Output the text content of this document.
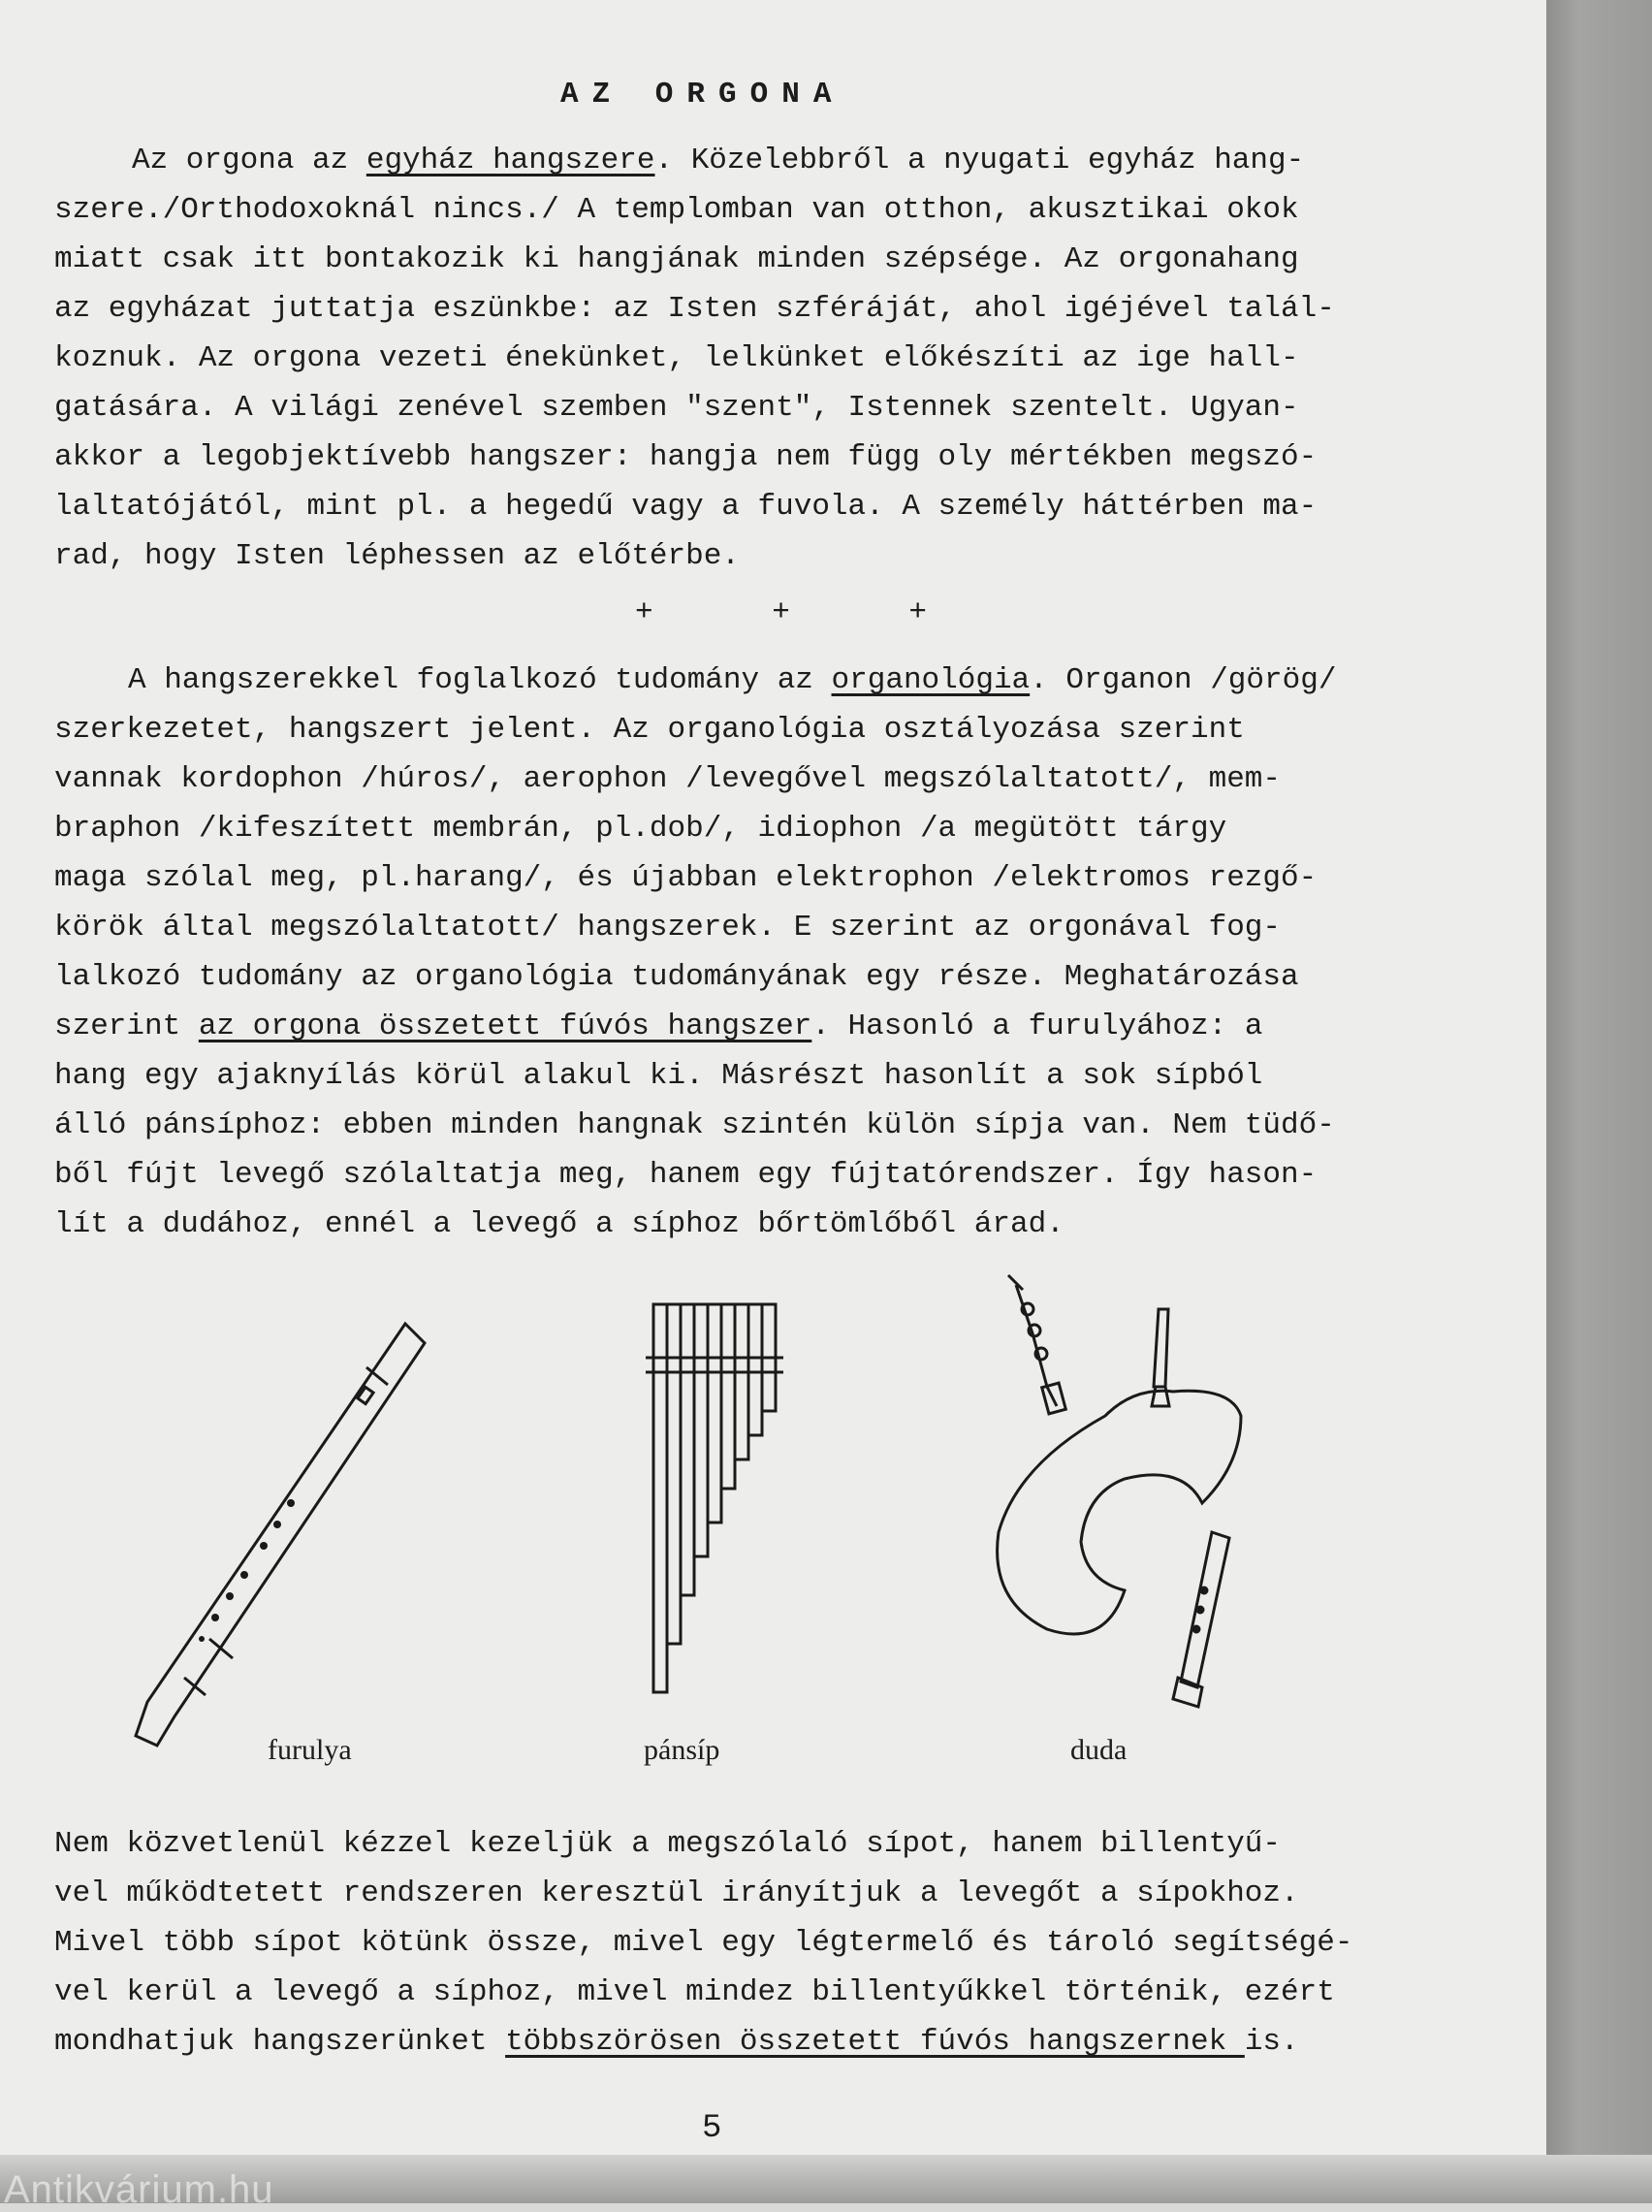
AZ ORGONA
Az orgona az egyház hangszere. Közelebbről a nyugati egyház hang-
szere./Orthodoxoknál nincs./ A templomban van otthon, akusztikai okok
miatt csak itt bontakozik ki hangjának minden szépsége. Az orgonahang
az egyházat juttatja eszünkbe: az Isten szféráját, ahol igéjével talál-
koznuk. Az orgona vezeti énekünket, lelkünket előkészíti az ige hall-
gatására. A világi zenével szemben "szent", Istennek szentelt. Ugyan-
akkor a legobjektívebb hangszer: hangja nem függ oly mértékben megszó-
laltatójától, mint pl. a hegedű vagy a fuvola. A személy háttérben ma-
rad, hogy Isten léphessen az előtérbe.
+ + +
A hangszerekkel foglalkozó tudomány az organológia. Organon /görög/
szerkezetet, hangszert jelent. Az organológia osztályozása szerint
vannak kordophon /húros/, aerophon /levegővel megszólaltatott/, mem-
braphon /kifeszített membrán, pl.dob/, idiophon /a megütött tárgy
maga szólal meg, pl.harang/, és újabban elektrophon /elektromos rezgő-
körök által megszólaltatott/ hangszerek. E szerint az orgonával fog-
lalkozó tudomány az organológia tudományának egy része. Meghatározása
szerint az orgona összetett fúvós hangszer. Hasonló a furulyához: a
hang egy ajaknyílás körül alakul ki. Másrészt hasonlít a sok sípból
álló pánsíphoz: ebben minden hangnak szintén külön sípja van. Nem tüdő-
ből fújt levegő szólaltatja meg, hanem egy fújtatórendszer. Így hason-
lít a dudához, ennél a levegő a síphoz bőrtömlőből árad.
furulya	pánsíp	duda
Nem közvetlenül kézzel kezeljük a megszólaló sípot, hanem billentyű-
vel működtetett rendszeren keresztül irányítjuk a levegőt a sípokhoz.
Mivel több sípot kötünk össze, mivel egy légtermelő és tároló segítségé-
vel kerül a levegő a síphoz, mivel mindez billentyűkkel történik, ezért
mondhatjuk hangszerünket többszörösen összetett fúvós hangszernek is.
5
Antikvárium.hu
